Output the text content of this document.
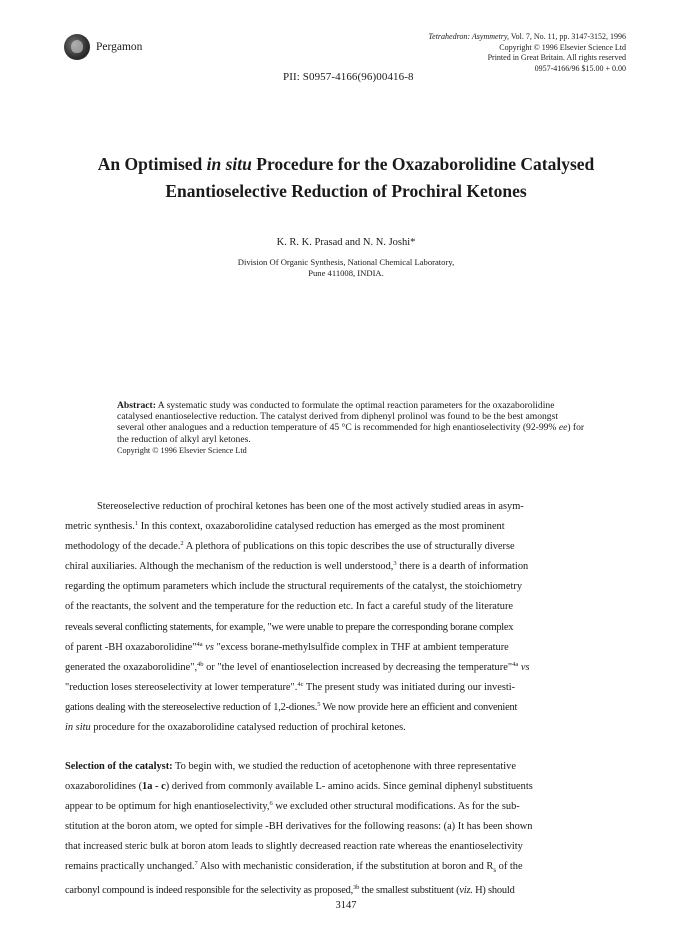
Pergamon
Tetrahedron: Asymmetry, Vol. 7, No. 11, pp. 3147-3152, 1996
Copyright © 1996 Elsevier Science Ltd
Printed in Great Britain. All rights reserved
0957-4166/96 $15.00 + 0.00
PII: S0957-4166(96)00416-8
An Optimised in situ Procedure for the Oxazaborolidine Catalysed
Enantioselective Reduction of Prochiral Ketones
K. R. K. Prasad and N. N. Joshi*
Division Of Organic Synthesis, National Chemical Laboratory,
Pune 411008, INDIA.
Abstract: A systematic study was conducted to formulate the optimal reaction parameters for the oxazaborolidine catalysed enantioselective reduction. The catalyst derived from diphenyl prolinol was found to be the best amongst several other analogues and a reduction temperature of 45 °C is recommended for high enantioselectivity (92-99% ee) for the reduction of alkyl aryl ketones.
Copyright © 1996 Elsevier Science Ltd
Stereoselective reduction of prochiral ketones has been one of the most actively studied areas in asym-
metric synthesis.$^1$ In this context, oxazaborolidine catalysed reduction has emerged as the most prominent
methodology of the decade.$^2$ A plethora of publications on this topic describes the use of structurally diverse
chiral auxiliaries. Although the mechanism of the reduction is well understood,$^3$ there is a dearth of information
regarding the optimum parameters which include the structural requirements of the catalyst, the stoichiometry
of the reactants, the solvent and the temperature for the reduction etc. In fact a careful study of the literature
reveals several conflicting statements, for example, "we were unable to prepare the corresponding borane complex
of parent -BH oxazaborolidine"$^{4a}$ vs "excess borane-methylsulfide complex in THF at ambient temperature
generated the oxazaborolidine",$^{4b}$ or "the level of enantioselection increased by decreasing the temperature"$^{4a}$ vs
"reduction loses stereoselectivity at lower temperature".$^{4c}$ The present study was initiated during our investi-
gations dealing with the stereoselective reduction of 1,2-diones.$^5$ We now provide here an efficient and convenient
in situ procedure for the oxazaborolidine catalysed reduction of prochiral ketones.
Selection of the catalyst: To begin with, we studied the reduction of acetophenone with three representative
oxazaborolidines (1a - c) derived from commonly available L- amino acids. Since geminal diphenyl substituents
appear to be optimum for high enantioselectivity,$^6$ we excluded other structural modifications. As for the sub-
stitution at the boron atom, we opted for simple -BH derivatives for the following reasons: (a) It has been shown
that increased steric bulk at boron atom leads to slightly decreased reaction rate whereas the enantioselectivity
remains practically unchanged.$^7$ Also with mechanistic consideration, if the substitution at boron and $R_s$ of the
carbonyl compound is indeed responsible for the selectivity as proposed,$^{3b}$ the smallest substituent (viz. H) should
3147
